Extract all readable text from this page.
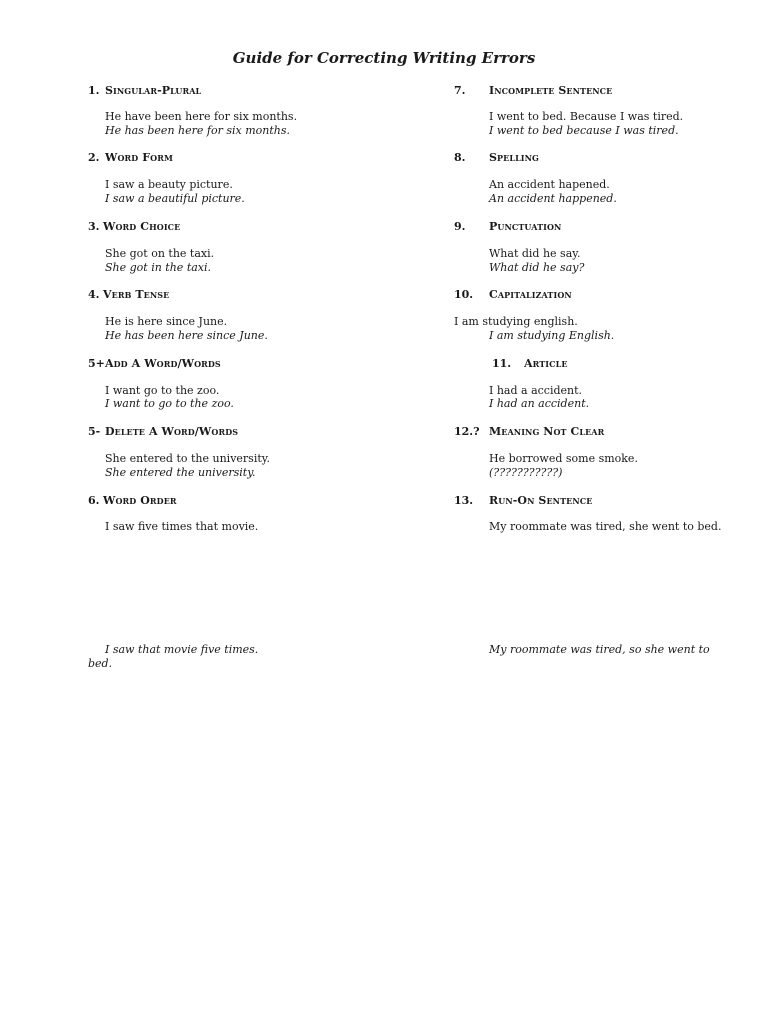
Guide for Correcting Writing Errors
1. Singular-Plural
He have been here for six months.
He has been here for six months.
2. Word Form
I saw a beauty picture.
I saw a beautiful picture.
3. Word Choice
She got on the taxi.
She got in the taxi.
4. Verb Tense
He is here since June.
He has been here since June.
5+ Add A Word/Words
I want go to the zoo.
I want to go to the zoo.
5- Delete A Word/Words
She entered to the university.
She entered the university.
6. Word Order
I saw five times that movie.
I saw that movie five times.
bed.
7. Incomplete Sentence
I went to bed. Because I was tired.
I went to bed because I was tired.
8. Spelling
An accident hapened.
An accident happened.
9. Punctuation
What did he say.
What did he say?
10. Capitalization
I am studying english.
I am studying English.
11. Article
I had a accident.
I had an accident.
12.? Meaning Not Clear
He borrowed some smoke.
(???????????)
13. Run-On Sentence
My roommate was tired, she went to bed.
My roommate was tired, so she went to
